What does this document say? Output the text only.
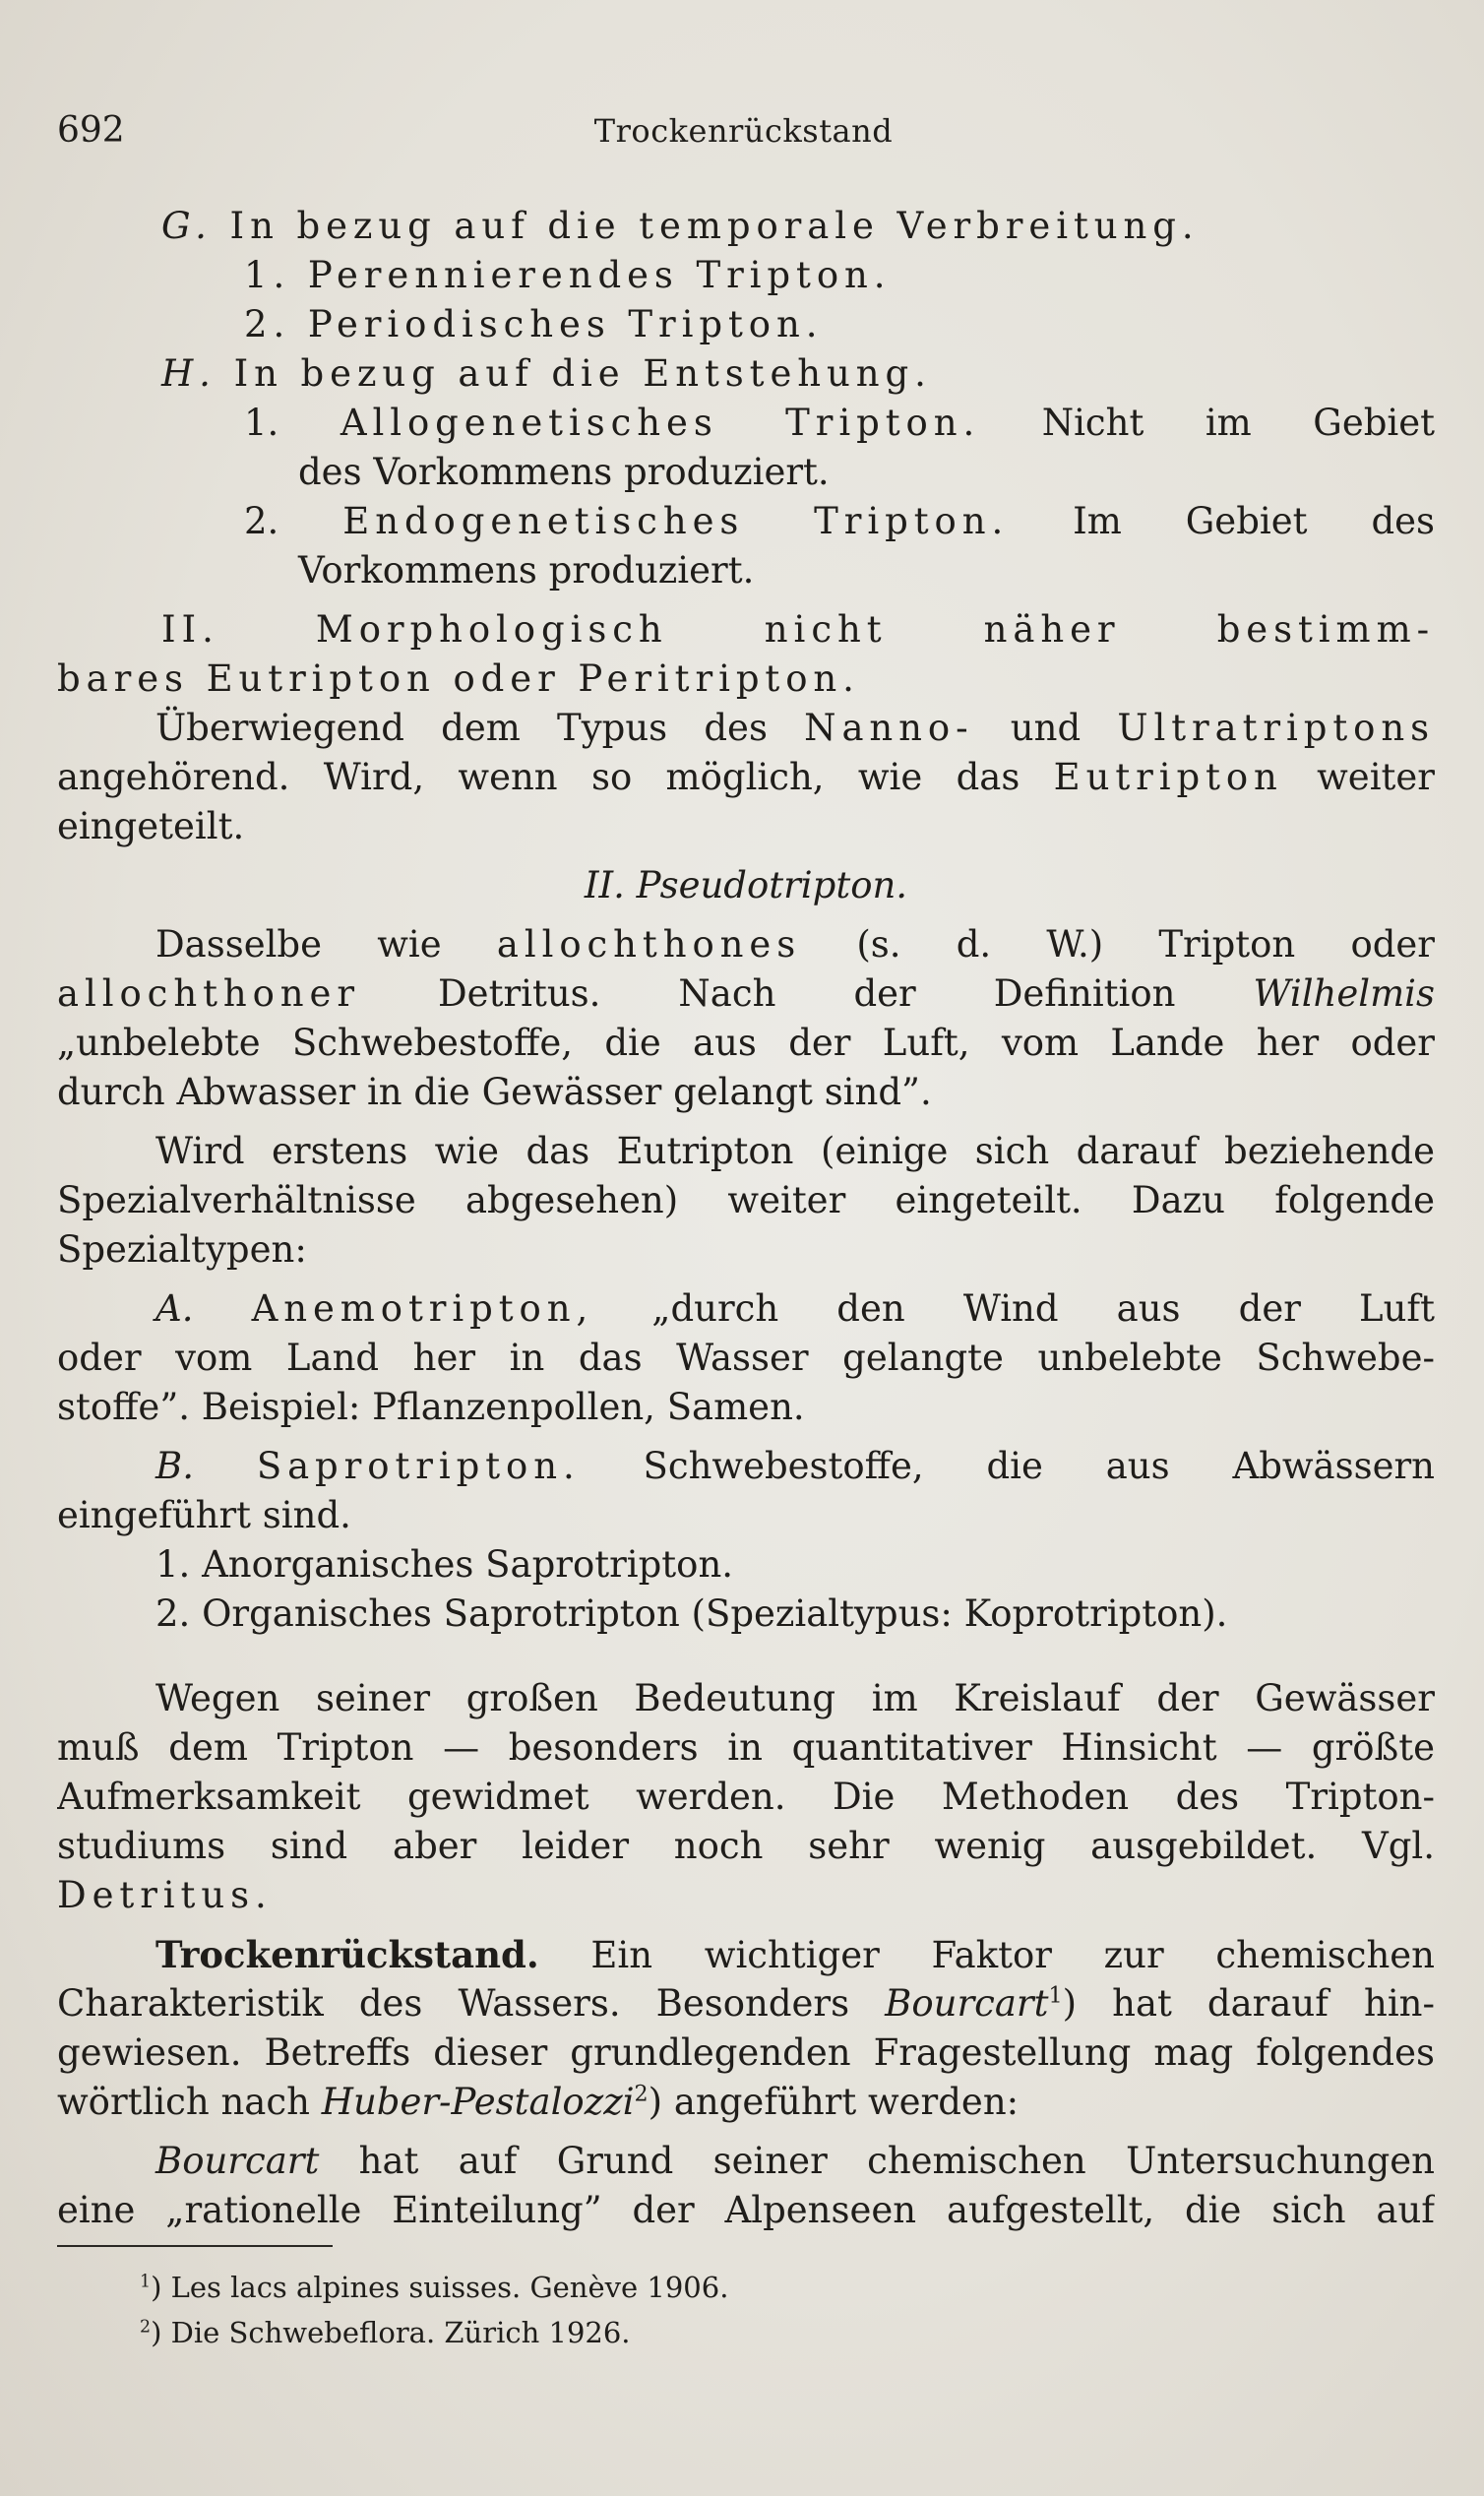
692	Trockenrückstand
G. In bezug auf die temporale Verbreitung.
1. Perennierendes Tripton.
2. Periodisches Tripton.
H. In bezug auf die Entstehung.
1. Allogenetisches Tripton. Nicht im Gebiet
des Vorkommens produziert.
2. Endogenetisches Tripton. Im Gebiet des
Vorkommens produziert.
II. Morphologisch nicht näher bestimm-
bares Eutripton oder Peritripton.
Überwiegend dem Typus des Nanno- und Ultratriptons
angehörend. Wird, wenn so möglich, wie das Eutripton weiter
eingeteilt.
II. Pseudotripton.
Dasselbe wie allochthones (s. d. W.) Tripton oder
allochthoner Detritus. Nach der Definition Wilhelmis
„unbelebte Schwebestoffe, die aus der Luft, vom Lande her oder
durch Abwasser in die Gewässer gelangt sind”.
Wird erstens wie das Eutripton (einige sich darauf beziehende
Spezialverhältnisse abgesehen) weiter eingeteilt. Dazu folgende
Spezialtypen:
A. Anemotripton, „durch den Wind aus der Luft
oder vom Land her in das Wasser gelangte unbelebte Schwebe-
stoffe”. Beispiel: Pflanzenpollen, Samen.
B. Saprotripton. Schwebestoffe, die aus Abwässern
eingeführt sind.
1. Anorganisches Saprotripton.
2. Organisches Saprotripton (Spezialtypus: Koprotripton).
Wegen seiner großen Bedeutung im Kreislauf der Gewässer
muß dem Tripton — besonders in quantitativer Hinsicht — größte
Aufmerksamkeit gewidmet werden. Die Methoden des Tripton-
studiums sind aber leider noch sehr wenig ausgebildet. Vgl.
Detritus.
Trockenrückstand. Ein wichtiger Faktor zur chemischen
Charakteristik des Wassers. Besonders Bourcart$^1$) hat darauf hin-
gewiesen. Betreffs dieser grundlegenden Fragestellung mag folgendes
wörtlich nach Huber-Pestalozzi$^2$) angeführt werden:
Bourcart hat auf Grund seiner chemischen Untersuchungen
eine „rationelle Einteilung” der Alpenseen aufgestellt, die sich auf
$^1$) Les lacs alpines suisses. Genève 1906.
$^2$) Die Schwebeflora. Zürich 1926.
